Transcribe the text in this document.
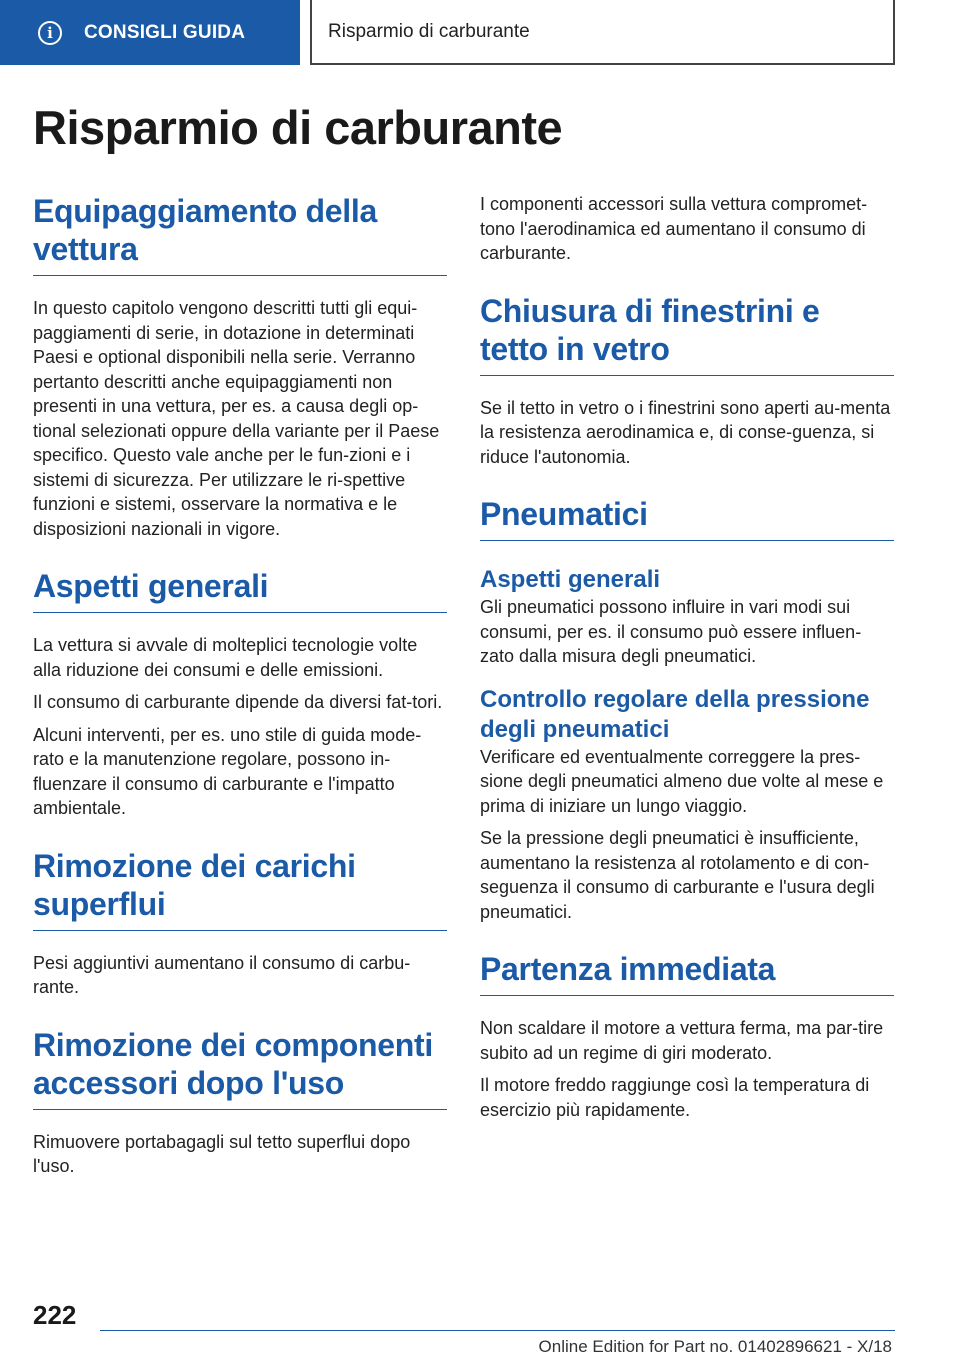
i	CONSIGLI GUIDA	Risparmio di carburante
Risparmio di carburante
Equipaggiamento della vettura

In questo capitolo vengono descritti tutti gli equi-paggiamenti di serie, in dotazione in determinati Paesi e optional disponibili nella serie. Verranno pertanto descritti anche equipaggiamenti non presenti in una vettura, per es. a causa degli op-tional selezionati oppure della variante per il Paese specifico. Questo vale anche per le fun-zioni e i sistemi di sicurezza. Per utilizzare le ri-spettive funzioni e sistemi, osservare la normativa e le disposizioni nazionali in vigore.

Aspetti generali

La vettura si avvale di molteplici tecnologie volte alla riduzione dei consumi e delle emissioni.

Il consumo di carburante dipende da diversi fat-tori.

Alcuni interventi, per es. uno stile di guida mode-rato e la manutenzione regolare, possono in-fluenzare il consumo di carburante e l'impatto ambientale.

Rimozione dei carichi superflui

Pesi aggiuntivi aumentano il consumo di carbu-rante.

Rimozione dei componenti accessori dopo l'uso

Rimuovere portabagagli sul tetto superflui dopo l'uso.

I componenti accessori sulla vettura compromet-tono l'aerodinamica ed aumentano il consumo di carburante.

Chiusura di finestrini e tetto in vetro

Se il tetto in vetro o i finestrini sono aperti au-menta la resistenza aerodinamica e, di conse-guenza, si riduce l'autonomia.

Pneumatici
Aspetti generali

Gli pneumatici possono influire in vari modi sui consumi, per es. il consumo può essere influen-zato dalla misura degli pneumatici.

Controllo regolare della pressione degli pneumatici

Verificare ed eventualmente correggere la pres-sione degli pneumatici almeno due volte al mese e prima di iniziare un lungo viaggio.

Se la pressione degli pneumatici è insufficiente, aumentano la resistenza al rotolamento e di con-seguenza il consumo di carburante e l'usura degli pneumatici.

Partenza immediata

Non scaldare il motore a vettura ferma, ma par-tire subito ad un regime di giri moderato.

Il motore freddo raggiunge così la temperatura di esercizio più rapidamente.

222
Online Edition for Part no. 01402896621 - X/18
